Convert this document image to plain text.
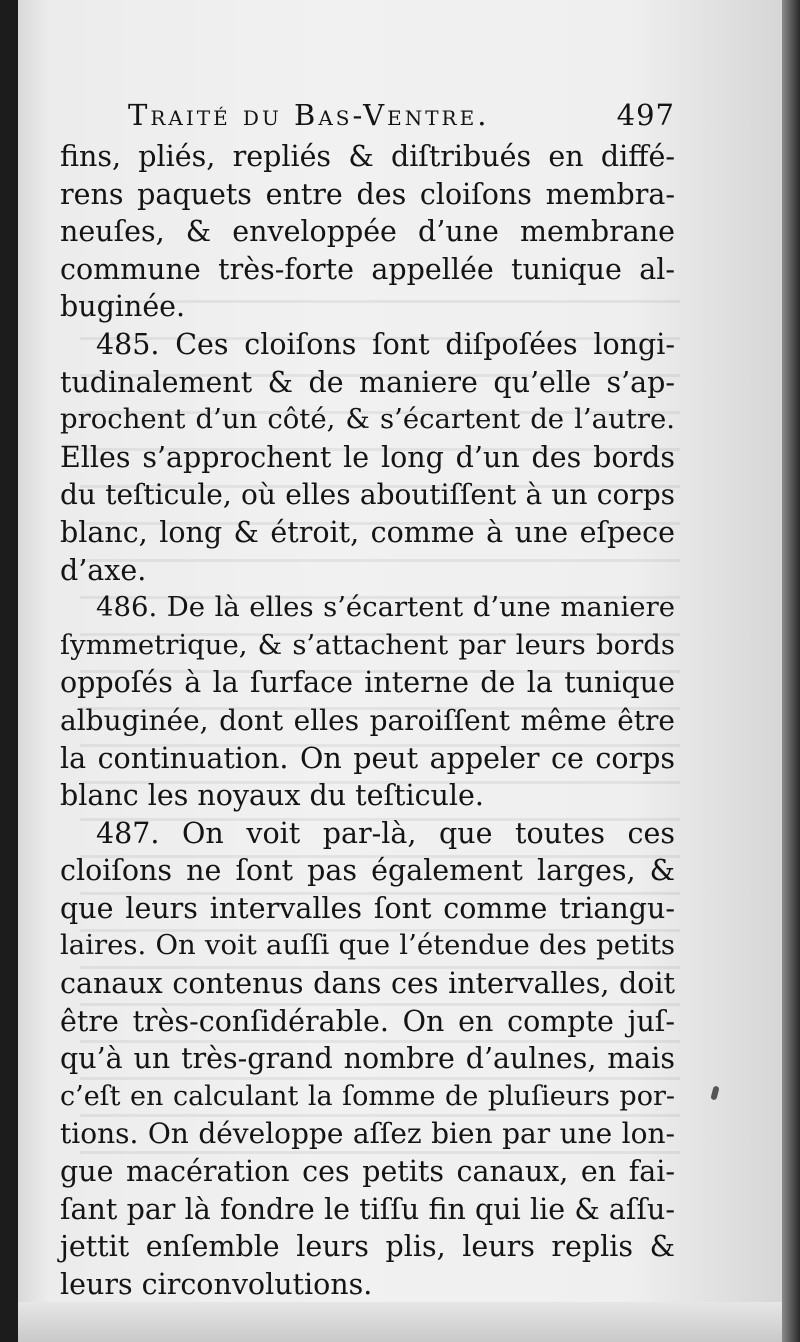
Traité du Bas-Ventre.	497
fins, pliés, repliés & diſtribués en diffé-
rens paquets entre des cloiſons membra-
neuſes, & enveloppée d’une membrane
commune très-forte appellée tunique al-
buginée.
485. Ces cloiſons ſont diſpoſées longi-
tudinalement & de maniere qu’elle s’ap-
prochent d’un côté, & s’écartent de l’autre.
Elles s’approchent le long d’un des bords
du teſticule, où elles aboutiſſent à un corps
blanc, long & étroit, comme à une eſpece
d’axe.
486. De là elles s’écartent d’une maniere
ſymmetrique, & s’attachent par leurs bords
oppoſés à la ſurface interne de la tunique
albuginée, dont elles paroiſſent même être
la continuation. On peut appeler ce corps
blanc les noyaux du teſticule.
487. On voit par-là, que toutes ces
cloiſons ne ſont pas également larges, &
que leurs intervalles ſont comme triangu-
laires. On voit auſſi que l’étendue des petits
canaux contenus dans ces intervalles, doit
être très-conſidérable. On en compte juſ-
qu’à un très-grand nombre d’aulnes, mais
c’eſt en calculant la ſomme de pluſieurs por-
tions. On développe aſſez bien par une lon-
gue macération ces petits canaux, en fai-
ſant par là fondre le tiſſu fin qui lie & aſſu-
jettit enſemble leurs plis, leurs replis &
leurs circonvolutions.
